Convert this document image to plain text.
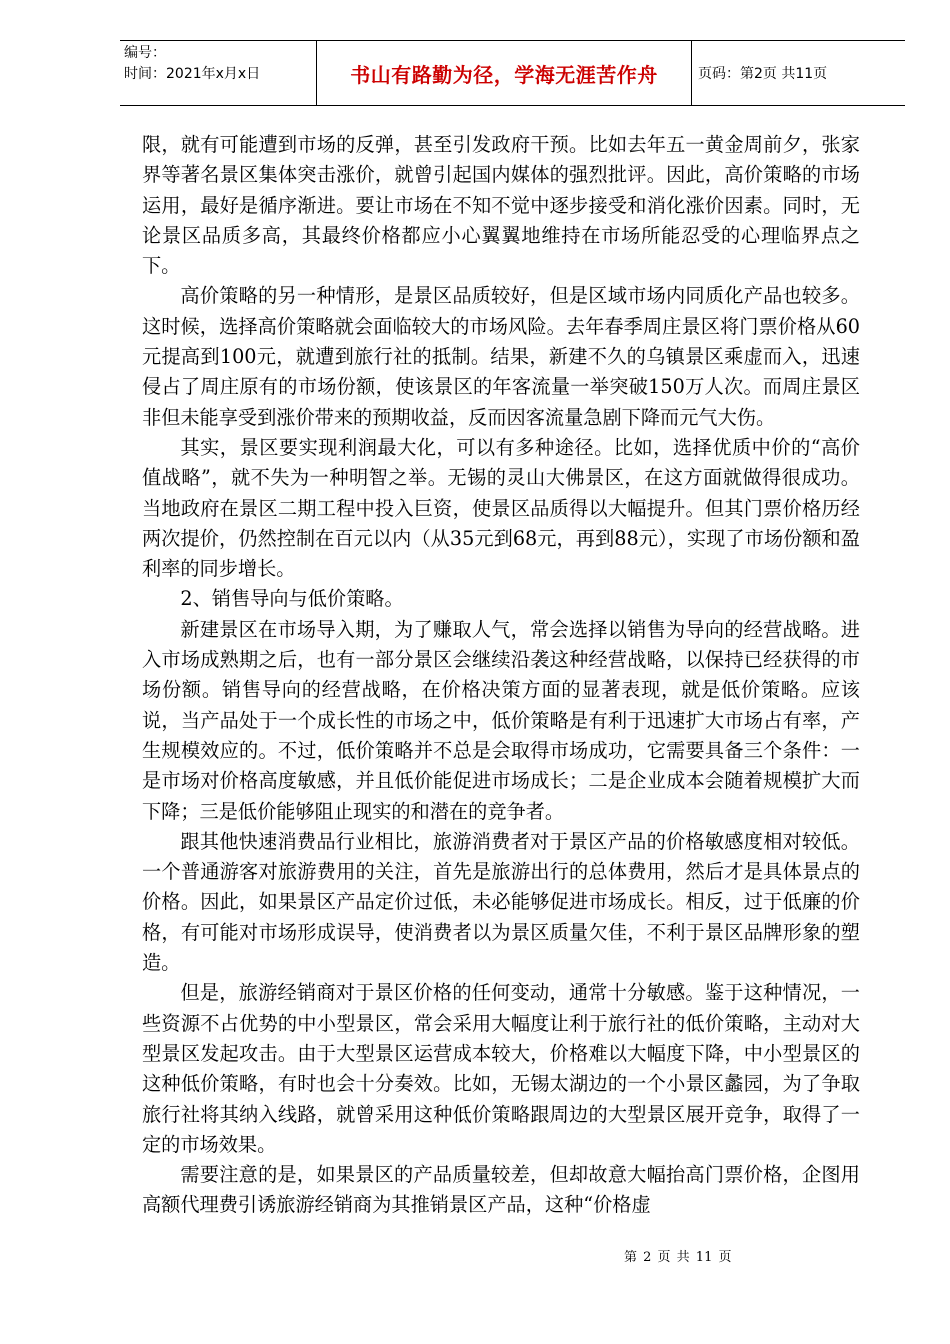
编号：
时间：2021年x月x日	书山有路勤为径，学海无涯苦作舟	页码：第2页 共11页

限，就有可能遭到市场的反弹，甚至引发政府干预。比如去年五一黄金周前夕，张家界等著名景区集体突击涨价，就曾引起国内媒体的强烈批评。因此，高价策略的市场运用，最好是循序渐进。要让市场在不知不觉中逐步接受和消化涨价因素。同时，无论景区品质多高，其最终价格都应小心翼翼地维持在市场所能忍受的心理临界点之下。

高价策略的另一种情形，是景区品质较好，但是区域市场内同质化产品也较多。这时候，选择高价策略就会面临较大的市场风险。去年春季周庄景区将门票价格从60元提高到100元，就遭到旅行社的抵制。结果，新建不久的乌镇景区乘虚而入，迅速侵占了周庄原有的市场份额，使该景区的年客流量一举突破150万人次。而周庄景区非但未能享受到涨价带来的预期收益，反而因客流量急剧下降而元气大伤。

其实，景区要实现利润最大化，可以有多种途径。比如，选择优质中价的“高价值战略”，就不失为一种明智之举。无锡的灵山大佛景区，在这方面就做得很成功。当地政府在景区二期工程中投入巨资，使景区品质得以大幅提升。但其门票价格历经两次提价，仍然控制在百元以内（从35元到68元，再到88元），实现了市场份额和盈利率的同步增长。

2、销售导向与低价策略。

新建景区在市场导入期，为了赚取人气，常会选择以销售为导向的经营战略。进入市场成熟期之后，也有一部分景区会继续沿袭这种经营战略，以保持已经获得的市场份额。销售导向的经营战略，在价格决策方面的显著表现，就是低价策略。应该说，当产品处于一个成长性的市场之中，低价策略是有利于迅速扩大市场占有率，产生规模效应的。不过，低价策略并不总是会取得市场成功，它需要具备三个条件：一是市场对价格高度敏感，并且低价能促进市场成长；二是企业成本会随着规模扩大而下降；三是低价能够阻止现实的和潜在的竞争者。

跟其他快速消费品行业相比，旅游消费者对于景区产品的价格敏感度相对较低。一个普通游客对旅游费用的关注，首先是旅游出行的总体费用，然后才是具体景点的价格。因此，如果景区产品定价过低，未必能够促进市场成长。相反，过于低廉的价格，有可能对市场形成误导，使消费者以为景区质量欠佳，不利于景区品牌形象的塑造。

但是，旅游经销商对于景区价格的任何变动，通常十分敏感。鉴于这种情况，一些资源不占优势的中小型景区，常会采用大幅度让利于旅行社的低价策略，主动对大型景区发起攻击。由于大型景区运营成本较大，价格难以大幅度下降，中小型景区的这种低价策略，有时也会十分奏效。比如，无锡太湖边的一个小景区蠡园，为了争取旅行社将其纳入线路，就曾采用这种低价策略跟周边的大型景区展开竞争，取得了一定的市场效果。

需要注意的是，如果景区的产品质量较差，但却故意大幅抬高门票价格，企图用高额代理费引诱旅游经销商为其推销景区产品，这种“价格虚

第 2 页 共 11 页
